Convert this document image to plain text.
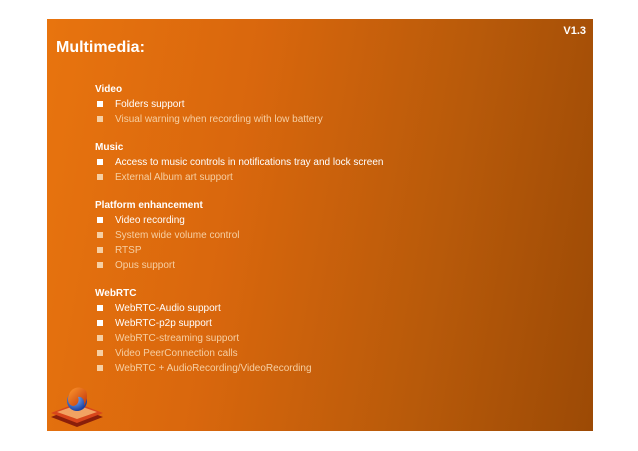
V1.3
Multimedia:
Video
Folders support
Visual warning when recording with low battery
Music
Access to music controls in notifications tray and lock screen
External Album art support
Platform enhancement
Video recording
System wide volume control
RTSP
Opus support
WebRTC
WebRTC-Audio support
WebRTC-p2p support
WebRTC-streaming support
Video PeerConnection calls
WebRTC + AudioRecording/VideoRecording
